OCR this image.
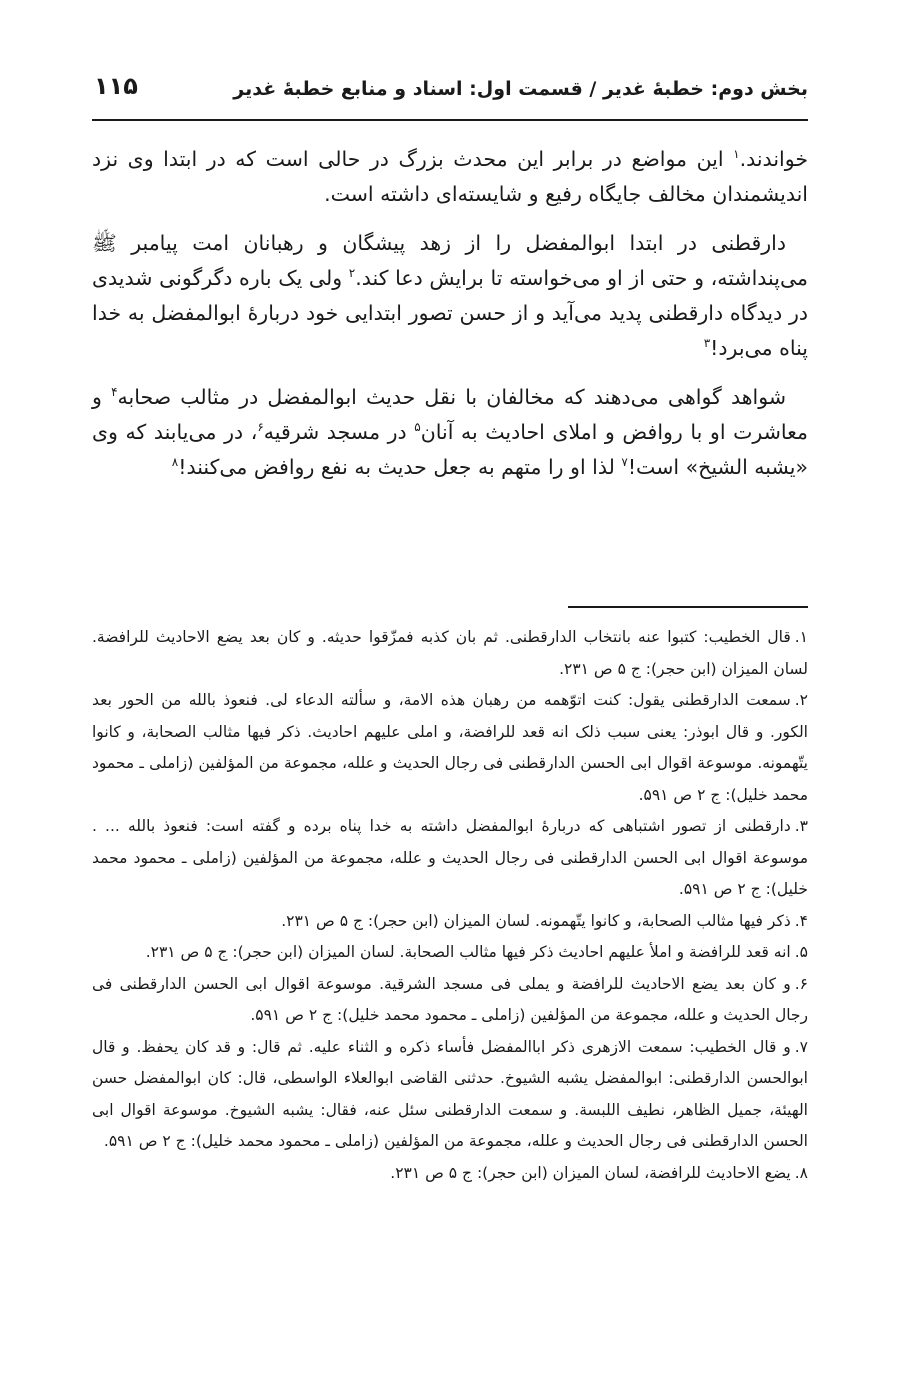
بخش دوم: خطبهٔ غدیر / قسمت اول: اسناد و منابع خطبهٔ غدیر
۱۱۵

خواندند.$^۱$ این مواضع در برابر این محدث بزرگ در حالی است که در ابتدا وی نزد اندیشمندان مخالف جایگاه رفیع و شایسته‌ای داشته است.

دارقطنی در ابتدا ابوالمفضل را از زهد پیشگان و رهبانان امت پیامبر ﷺ می‌پنداشته، و حتی از او می‌خواسته تا برایش دعا کند.$^۲$ ولی یک باره دگرگونی شدیدی در دیدگاه دارقطنی پدید می‌آید و از حسن تصور ابتدایی خود دربارهٔ ابوالمفضل به خدا پناه می‌برد!$^۳$

شواهد گواهی می‌دهند که مخالفان با نقل حدیث ابوالمفضل در مثالب صحابه$^۴$ و معاشرت او با روافض و املای احادیث به آنان$^۵$ در مسجد شرقیه$^۶$، در می‌یابند که وی «یشبه الشیخ» است!$^۷$ لذا او را متهم به جعل حدیث به نفع روافض می‌کنند!$^۸$

۱.قال الخطیب: کتبوا عنه بانتخاب الدارقطنی. ثم بان کذبه فمزّقوا حدیثه. و کان بعد یضع الاحادیث للرافضة. لسان المیزان (ابن حجر): ج ۵ ص ۲۳۱.

۲.سمعت الدارقطنی یقول: کنت اتوّهمه من رهبان هذه الامة، و سألته الدعاء لی. فنعوذ بالله من الحور بعد الکور. و قال ابوذر: یعنی سبب ذلک انه قعد للرافضة، و املی علیهم احادیث. ذکر فیها مثالب الصحابة، و کانوا یتّهمونه. موسوعة اقوال ابی الحسن الدارقطنی فی رجال الحدیث و علله، مجموعة من المؤلفین (زاملی ـ محمود محمد خلیل): ج ۲ ص ۵۹۱.

۳.دارقطنی از تصور اشتباهی که دربارهٔ ابوالمفضل داشته به خدا پناه برده و گفته است: فنعوذ بالله ... . موسوعة اقوال ابی الحسن الدارقطنی فی رجال الحدیث و علله، مجموعة من المؤلفین (زاملی ـ محمود محمد خلیل): ج ۲ ص ۵۹۱.

۴.ذکر فیها مثالب الصحابة، و کانوا یتّهمونه. لسان المیزان (ابن حجر): ج ۵ ص ۲۳۱.

۵.انه قعد للرافضة و املأ علیهم احادیث ذکر فیها مثالب الصحابة. لسان المیزان (ابن حجر): ج ۵ ص ۲۳۱.

۶.و کان بعد یضع الاحادیث للرافضة و یملی فی مسجد الشرقیة. موسوعة اقوال ابی الحسن الدارقطنی فی رجال الحدیث و علله، مجموعة من المؤلفین (زاملی ـ محمود محمد خلیل): ج ۲ ص ۵۹۱.

۷.و قال الخطیب: سمعت الازهری ذکر اباالمفضل فأساء ذکره و الثناء علیه. ثم قال: و قد کان یحفظ. و قال ابوالحسن الدارقطنی: ابوالمفضل یشبه الشیوخ. حدثنی القاضی ابوالعلاء الواسطی، قال: کان ابوالمفضل حسن الهیئة، جمیل الظاهر، نطیف اللبسة. و سمعت الدارقطنی سئل عنه، فقال: یشبه الشیوخ. موسوعة اقوال ابی الحسن الدارقطنی فی رجال الحدیث و علله، مجموعة من المؤلفین (زاملی ـ محمود محمد خلیل): ج ۲ ص ۵۹۱.

۸.یضع الاحادیث للرافضة، لسان المیزان (ابن حجر): ج ۵ ص ۲۳۱.
